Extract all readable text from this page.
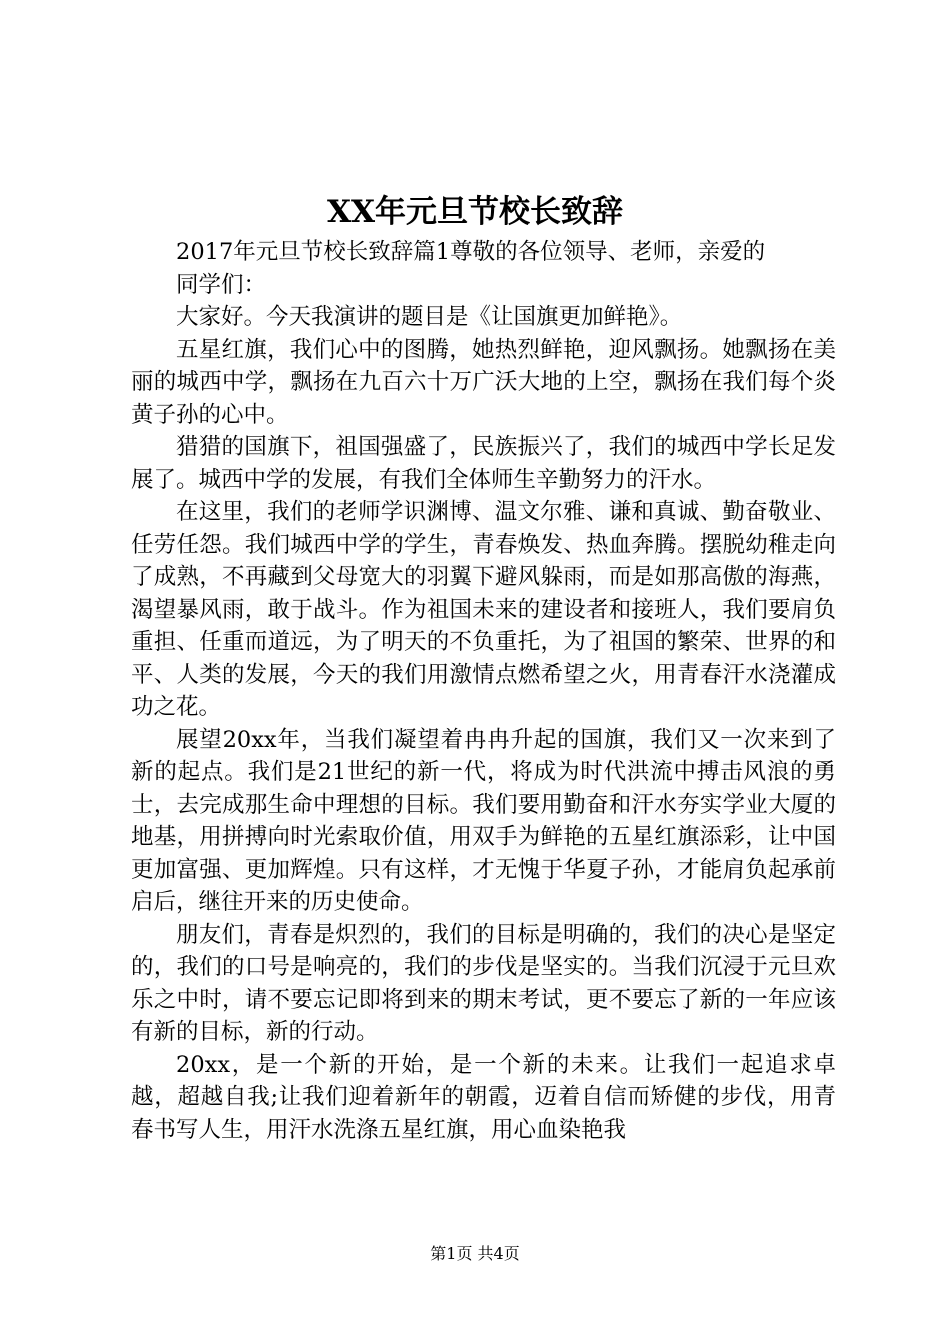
XX年元旦节校长致辞

2017年元旦节校长致辞篇1尊敬的各位领导、老师，亲爱的

同学们：

大家好。今天我演讲的题目是《让国旗更加鲜艳》。

五星红旗，我们心中的图腾，她热烈鲜艳，迎风飘扬。她飘扬在美丽的城西中学，飘扬在九百六十万广沃大地的上空，飘扬在我们每个炎黄子孙的心中。

猎猎的国旗下，祖国强盛了，民族振兴了，我们的城西中学长足发展了。城西中学的发展，有我们全体师生辛勤努力的汗水。

在这里，我们的老师学识渊博、温文尔雅、谦和真诚、勤奋敬业、任劳任怨。我们城西中学的学生，青春焕发、热血奔腾。摆脱幼稚走向了成熟，不再藏到父母宽大的羽翼下避风躲雨，而是如那高傲的海燕，渴望暴风雨，敢于战斗。作为祖国未来的建设者和接班人，我们要肩负重担、任重而道远，为了明天的不负重托，为了祖国的繁荣、世界的和平、人类的发展，今天的我们用激情点燃希望之火，用青春汗水浇灌成功之花。

展望20xx年，当我们凝望着冉冉升起的国旗，我们又一次来到了新的起点。我们是21世纪的新一代，将成为时代洪流中搏击风浪的勇士，去完成那生命中理想的目标。我们要用勤奋和汗水夯实学业大厦的地基，用拼搏向时光索取价值，用双手为鲜艳的五星红旗添彩，让中国更加富强、更加辉煌。只有这样，才无愧于华夏子孙，才能肩负起承前启后，继往开来的历史使命。

朋友们，青春是炽烈的，我们的目标是明确的，我们的决心是坚定的，我们的口号是响亮的，我们的步伐是坚实的。当我们沉浸于元旦欢乐之中时，请不要忘记即将到来的期末考试，更不要忘了新的一年应该有新的目标，新的行动。

20xx，是一个新的开始，是一个新的未来。让我们一起追求卓越，超越自我;让我们迎着新年的朝霞，迈着自信而矫健的步伐，用青春书写人生，用汗水洗涤五星红旗，用心血染艳我

第1页 共4页
